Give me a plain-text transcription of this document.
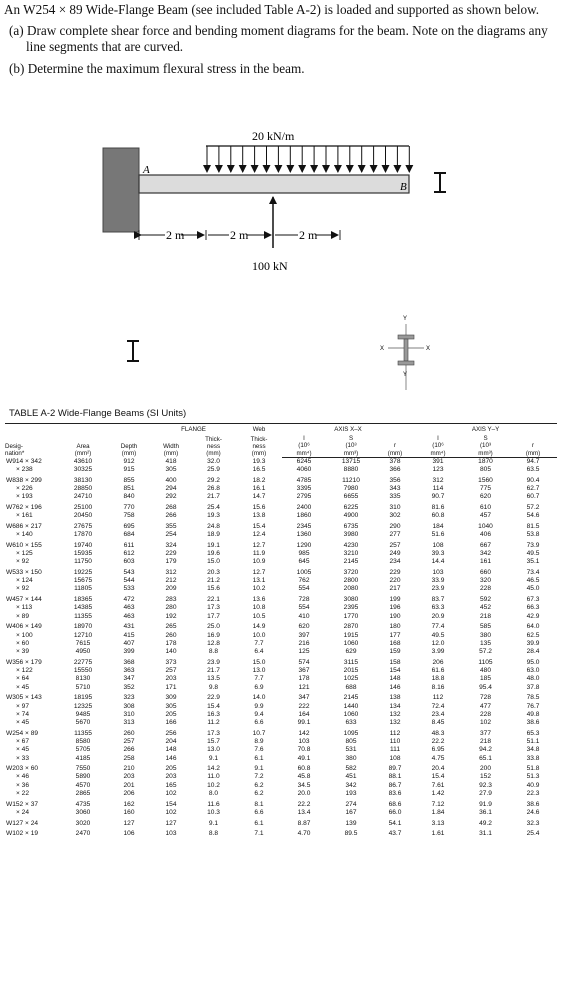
An W254 × 89 Wide-Flange Beam (see included Table A-2) is loaded and supported as shown below.

(a) Draw complete shear force and bending moment diagrams for the beam. Note on the diagrams any line segments that are curved.

(b) Determine the maximum flexural stress in the beam.

A
B
20 kN/m
100 kN
2 m	2 m	2 m
Y
X	X
Y
TABLE A-2 Wide-Flange Beams (SI Units)
Desig-
nation*	Area
(mm²)	Depth
(mm)	FLANGE		Web	AXIS X–X			AXIS Y–Y		
			Width
(mm)	Thick-
ness
(mm)	Thick-
ness
(mm)						
						I
(10⁶
mm⁴)	S
(10³
mm³)	r
(mm)	I
(10⁶
mm⁴)	S
(10³
mm³)	r
(mm)
W914 × 342	43610	912	418	32.0	19.3	6245	13715	378	391	1870	94.7
× 238	30325	915	305	25.9	16.5	4060	8880	366	123	805	63.5
W838 × 299	38130	855	400	29.2	18.2	4785	11210	356	312	1560	90.4
× 226	28850	851	294	26.8	16.1	3395	7980	343	114	775	62.7
× 193	24710	840	292	21.7	14.7	2795	6655	335	90.7	620	60.7
W762 × 196	25100	770	268	25.4	15.6	2400	6225	310	81.6	610	57.2
× 161	20450	758	266	19.3	13.8	1860	4900	302	60.8	457	54.6
W686 × 217	27675	695	355	24.8	15.4	2345	6735	290	184	1040	81.5
× 140	17870	684	254	18.9	12.4	1360	3980	277	51.6	406	53.8
W610 × 155	19740	611	324	19.1	12.7	1290	4230	257	108	667	73.9
× 125	15935	612	229	19.6	11.9	985	3210	249	39.3	342	49.5
× 92	11750	603	179	15.0	10.9	645	2145	234	14.4	161	35.1
W533 × 150	19225	543	312	20.3	12.7	1005	3720	229	103	660	73.4
× 124	15675	544	212	21.2	13.1	762	2800	220	33.9	320	46.5
× 92	11805	533	209	15.6	10.2	554	2080	217	23.9	228	45.0
W457 × 144	18365	472	283	22.1	13.6	728	3080	199	83.7	592	67.3
× 113	14385	463	280	17.3	10.8	554	2395	196	63.3	452	66.3
× 89	11355	463	192	17.7	10.5	410	1770	190	20.9	218	42.9
W406 × 149	18970	431	265	25.0	14.9	620	2870	180	77.4	585	64.0
× 100	12710	415	260	16.9	10.0	397	1915	177	49.5	380	62.5
× 60	7615	407	178	12.8	7.7	216	1060	168	12.0	135	39.9
× 39	4950	399	140	8.8	6.4	125	629	159	3.99	57.2	28.4
W356 × 179	22775	368	373	23.9	15.0	574	3115	158	206	1105	95.0
× 122	15550	363	257	21.7	13.0	367	2015	154	61.6	480	63.0
× 64	8130	347	203	13.5	7.7	178	1025	148	18.8	185	48.0
× 45	5710	352	171	9.8	6.9	121	688	146	8.16	95.4	37.8
W305 × 143	18195	323	309	22.9	14.0	347	2145	138	112	728	78.5
× 97	12325	308	305	15.4	9.9	222	1440	134	72.4	477	76.7
× 74	9485	310	205	16.3	9.4	164	1060	132	23.4	228	49.8
× 45	5670	313	166	11.2	6.6	99.1	633	132	8.45	102	38.6
W254 × 89	11355	260	256	17.3	10.7	142	1095	112	48.3	377	65.3
× 67	8580	257	204	15.7	8.9	103	805	110	22.2	218	51.1
× 45	5705	266	148	13.0	7.6	70.8	531	111	6.95	94.2	34.8
× 33	4185	258	146	9.1	6.1	49.1	380	108	4.75	65.1	33.8
W203 × 60	7550	210	205	14.2	9.1	60.8	582	89.7	20.4	200	51.8
× 46	5890	203	203	11.0	7.2	45.8	451	88.1	15.4	152	51.3
× 36	4570	201	165	10.2	6.2	34.5	342	86.7	7.61	92.3	40.9
× 22	2865	206	102	8.0	6.2	20.0	193	83.6	1.42	27.9	22.3
W152 × 37	4735	162	154	11.6	8.1	22.2	274	68.6	7.12	91.9	38.6
× 24	3060	160	102	10.3	6.6	13.4	167	66.0	1.84	36.1	24.6
W127 × 24	3020	127	127	9.1	6.1	8.87	139	54.1	3.13	49.2	32.3
W102 × 19	2470	106	103	8.8	7.1	4.70	89.5	43.7	1.61	31.1	25.4
